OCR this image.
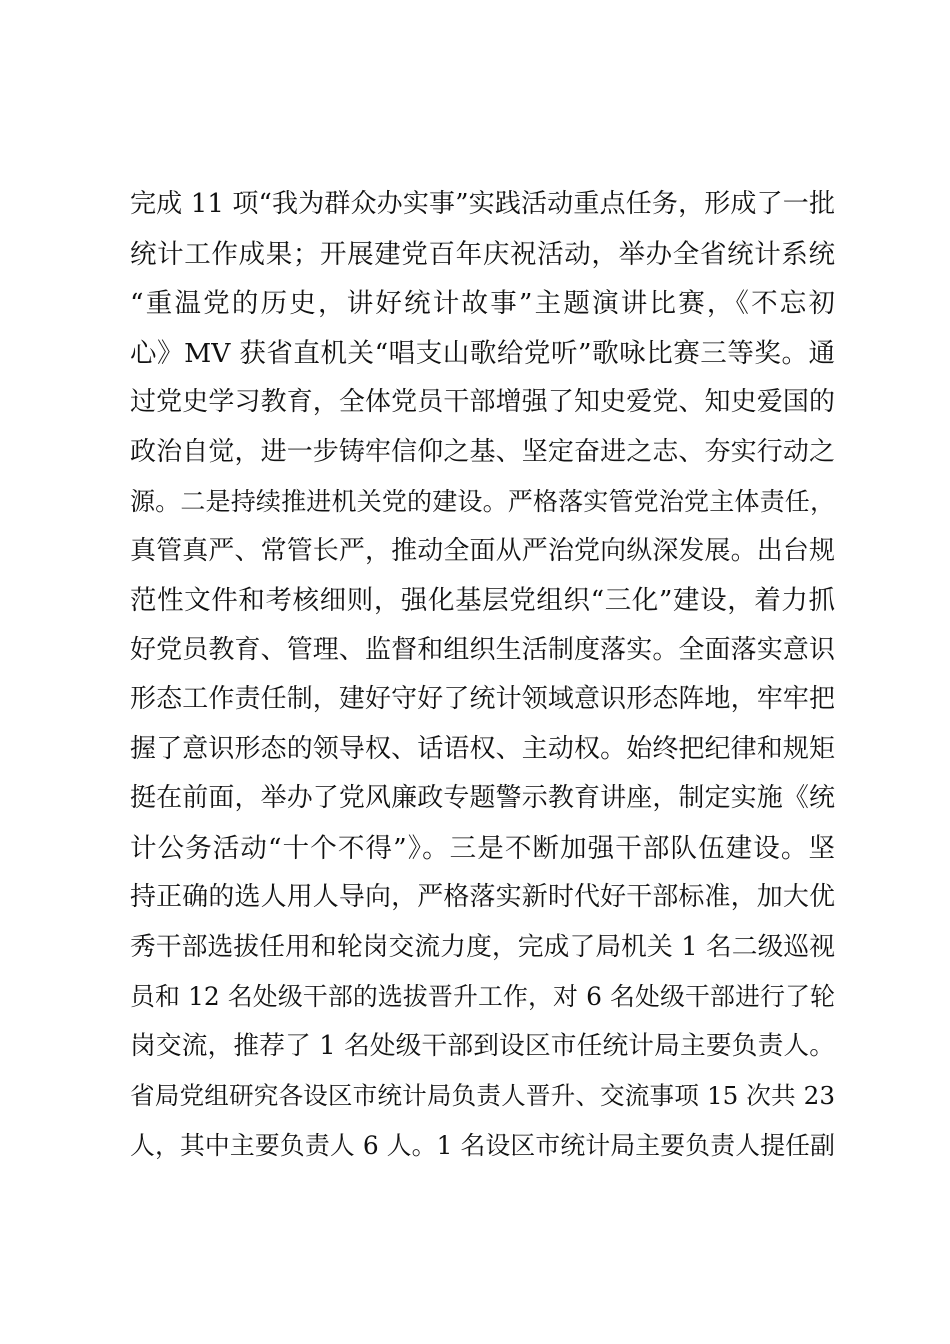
完成 11 项“我为群众办实事”实践活动重点任务，形成了一批
统计工作成果；开展建党百年庆祝活动，举办全省统计系统
“重温党的历史，讲好统计故事”主题演讲比赛，《不忘初
心》MV 获省直机关“唱支山歌给党听”歌咏比赛三等奖。通
过党史学习教育，全体党员干部增强了知史爱党、知史爱国的
政治自觉，进一步铸牢信仰之基、坚定奋进之志、夯实行动之
源。二是持续推进机关党的建设。严格落实管党治党主体责任，
真管真严、常管长严，推动全面从严治党向纵深发展。出台规
范性文件和考核细则，强化基层党组织“三化”建设，着力抓
好党员教育、管理、监督和组织生活制度落实。全面落实意识
形态工作责任制，建好守好了统计领域意识形态阵地，牢牢把
握了意识形态的领导权、话语权、主动权。始终把纪律和规矩
挺在前面，举办了党风廉政专题警示教育讲座，制定实施《统
计公务活动“十个不得”》。三是不断加强干部队伍建设。坚
持正确的选人用人导向，严格落实新时代好干部标准，加大优
秀干部选拔任用和轮岗交流力度，完成了局机关 1 名二级巡视
员和 12 名处级干部的选拔晋升工作，对 6 名处级干部进行了轮
岗交流，推荐了 1 名处级干部到设区市任统计局主要负责人。
省局党组研究各设区市统计局负责人晋升、交流事项 15 次共 23
人，其中主要负责人 6 人。1 名设区市统计局主要负责人提任副
